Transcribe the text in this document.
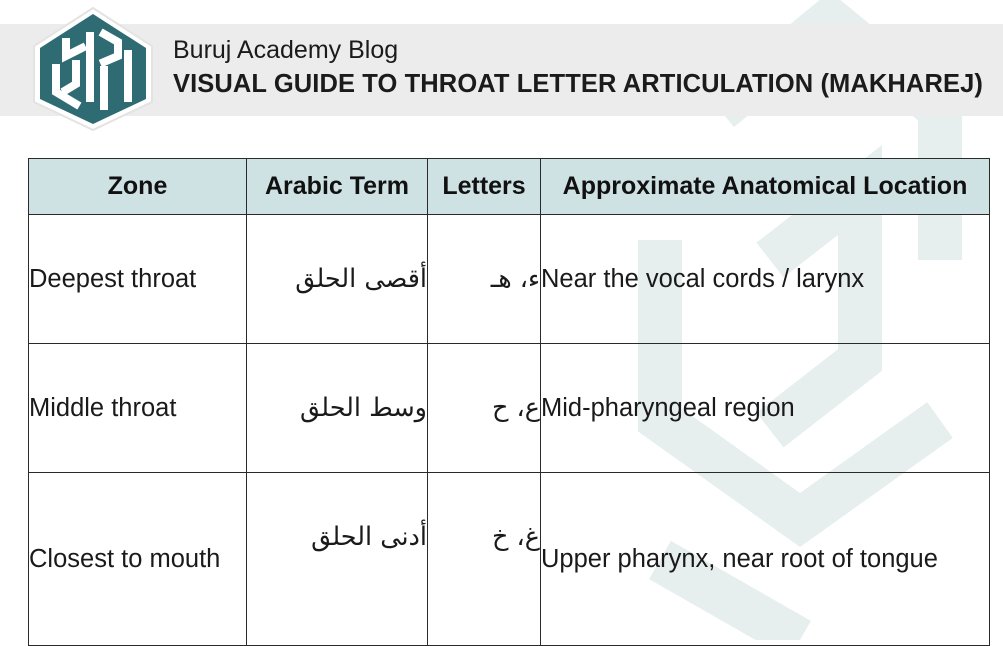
Buruj Academy Blog
VISUAL GUIDE TO THROAT LETTER ARTICULATION (MAKHAREJ)
Zone	Arabic Term	Letters	Approximate Anatomical Location
Deepest throat	أقصى الحلق	ء، هـ	Near the vocal cords / larynx
Middle throat	وسط الحلق	ع، ح	Mid-pharyngeal region
Closest to mouth	أدنى الحلق	غ، خ	Upper pharynx, near root of tongue
